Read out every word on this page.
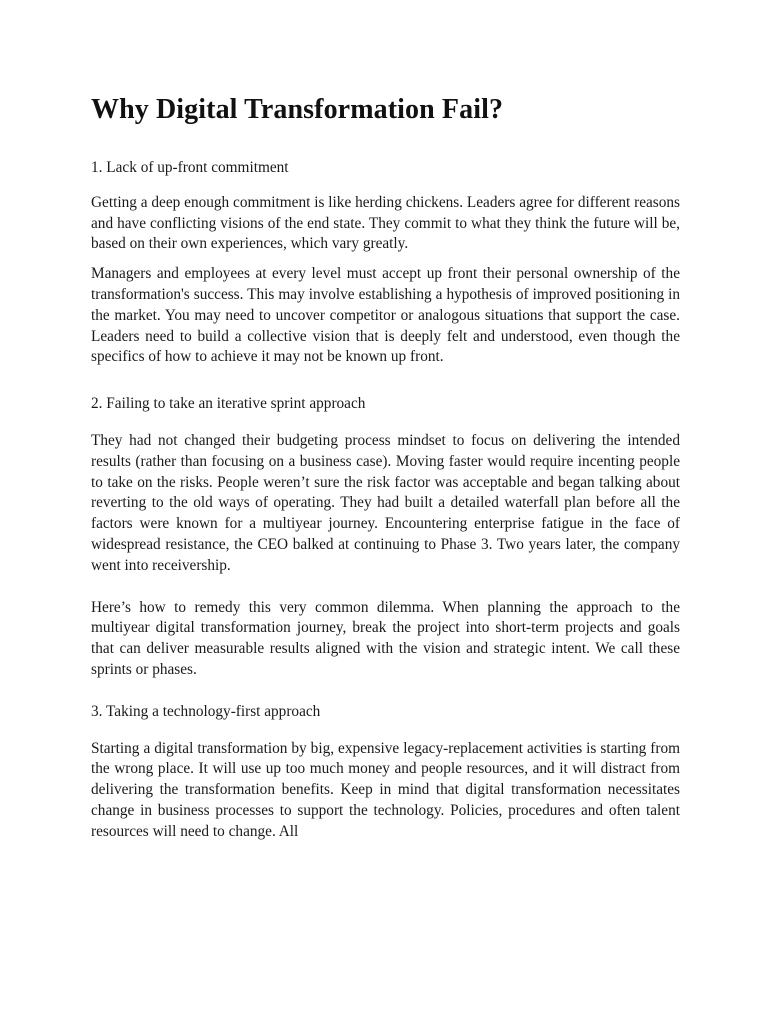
Why Digital Transformation Fail?

1. Lack of up-front commitment

Getting a deep enough commitment is like herding chickens. Leaders agree for different reasons and have conflicting visions of the end state. They commit to what they think the future will be, based on their own experiences, which vary greatly.

Managers and employees at every level must accept up front their personal ownership of the transformation's success. This may involve establishing a hypothesis of improved positioning in the market. You may need to uncover competitor or analogous situations that support the case. Leaders need to build a collective vision that is deeply felt and understood, even though the specifics of how to achieve it may not be known up front.

2. Failing to take an iterative sprint approach

They had not changed their budgeting process mindset to focus on delivering the intended results (rather than focusing on a business case). Moving faster would require incenting people to take on the risks. People weren’t sure the risk factor was acceptable and began talking about reverting to the old ways of operating. They had built a detailed waterfall plan before all the factors were known for a multiyear journey. Encountering enterprise fatigue in the face of widespread resistance, the CEO balked at continuing to Phase 3. Two years later, the company went into receivership.

Here’s how to remedy this very common dilemma. When planning the approach to the multiyear digital transformation journey, break the project into short-term projects and goals that can deliver measurable results aligned with the vision and strategic intent. We call these sprints or phases.

3. Taking a technology-first approach

Starting a digital transformation by big, expensive legacy-replacement activities is starting from the wrong place. It will use up too much money and people resources, and it will distract from delivering the transformation benefits. Keep in mind that digital transformation necessitates change in business processes to support the technology. Policies, procedures and often talent resources will need to change. All
